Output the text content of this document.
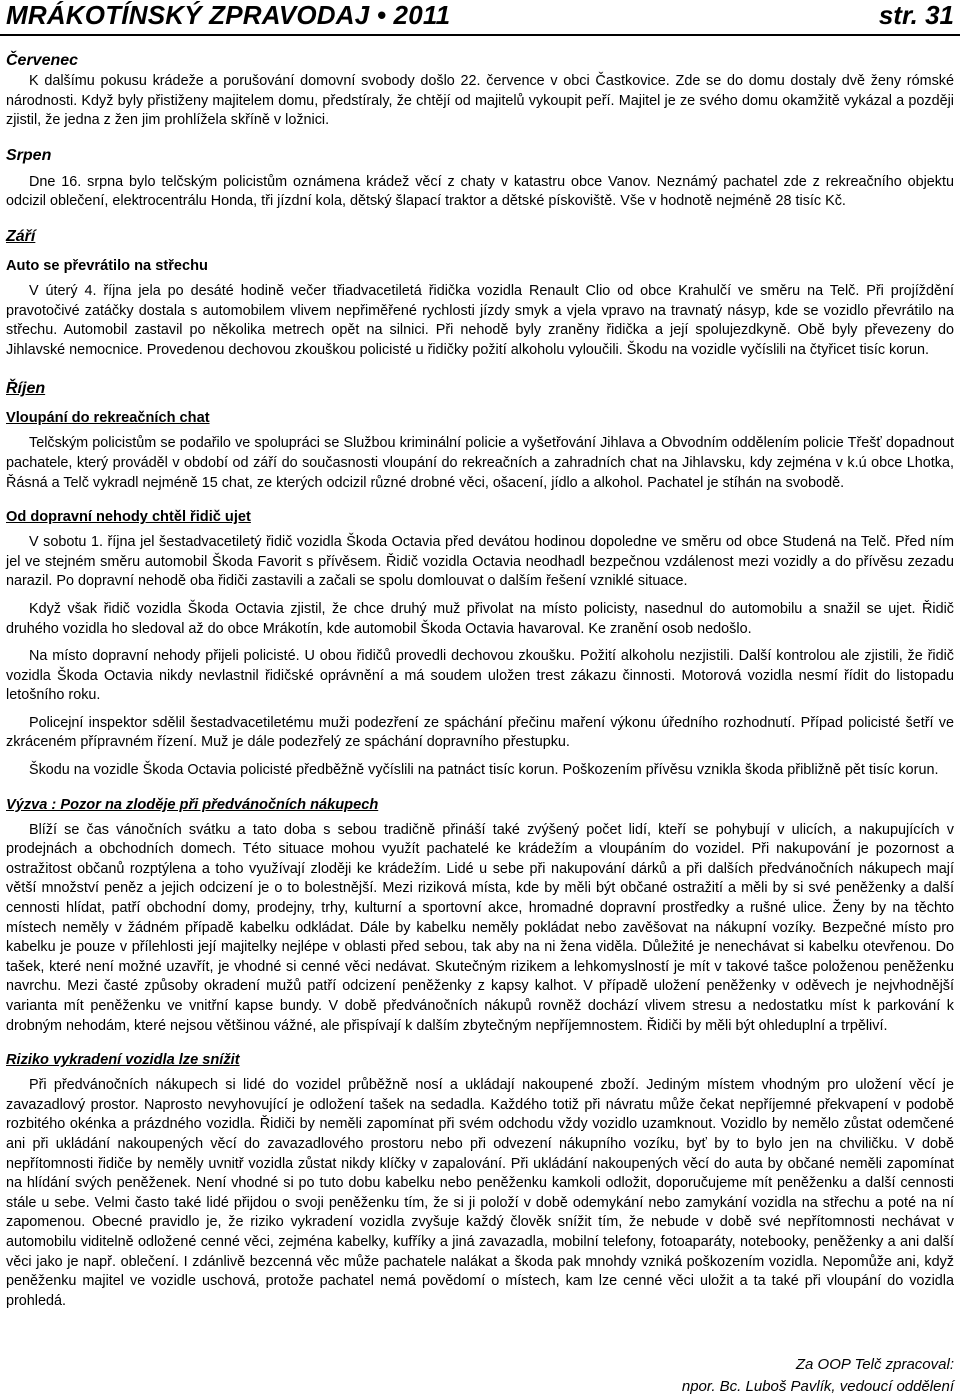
MRÁKOTÍNSKÝ ZPRAVODAJ • 2011	str. 31
Červenec

K dalšímu pokusu krádeže a porušování domovní svobody došlo 22. července v obci Častkovice. Zde se do domu dostaly dvě ženy rómské národnosti. Když byly přistiženy majitelem domu, předstíraly, že chtějí od majitelů vykoupit peří. Majitel je ze svého domu okamžitě vykázal a později zjistil, že jedna z žen jim prohlížela skříně v ložnici.

Srpen

Dne 16. srpna bylo telčským policistům oznámena krádež věcí z chaty v katastru obce Vanov. Neznámý pachatel zde z rekreačního objektu odcizil oblečení, elektrocentrálu Honda, tři jízdní kola, dětský šlapací traktor a dětské pískoviště. Vše v hodnotě nejméně 28 tisíc Kč.

Září
Auto se převrátilo na střechu

V úterý 4. října jela po desáté hodině večer třiadvacetiletá řidička vozidla Renault Clio od obce Krahulčí ve směru na Telč. Při projíždění pravotočivé zatáčky dostala s automobilem vlivem nepřiměřené rychlosti jízdy smyk a vjela vpravo na travnatý násyp, kde se vozidlo převrátilo na střechu. Automobil zastavil po několika metrech opět na silnici. Při nehodě byly zraněny řidička a její spolujezdkyně. Obě byly převezeny do Jihlavské nemocnice. Provedenou dechovou zkouškou policisté u řidičky požití alkoholu vyloučili. Škodu na vozidle vyčíslili na čtyřicet tisíc korun.

Říjen
Vloupání do rekreačních chat

Telčským policistům se podařilo ve spolupráci se Službou kriminální policie a vyšetřování Jihlava a Obvodním oddělením policie Třešť dopadnout pachatele, který prováděl v období od září do současnosti vloupání do rekreačních a zahradních chat na Jihlavsku, kdy zejména v k.ú obce Lhotka, Řásná a Telč vykradl nejméně 15 chat, ze kterých odcizil různé drobné věci, ošacení, jídlo a alkohol. Pachatel je stíhán na svobodě.

Od dopravní nehody chtěl řidič ujet

V sobotu 1. října jel šestadvacetiletý řidič vozidla Škoda Octavia před devátou hodinou dopoledne ve směru od obce Studená na Telč. Před ním jel ve stejném směru automobil Škoda Favorit s přívěsem. Řidič vozidla Octavia neodhadl bezpečnou vzdálenost mezi vozidly a do přívěsu zezadu narazil. Po dopravní nehodě oba řidiči zastavili a začali se spolu domlouvat o dalším řešení vzniklé situace.

Když však řidič vozidla Škoda Octavia zjistil, že chce druhý muž přivolat na místo policisty, nasednul do automobilu a snažil se ujet. Řidič druhého vozidla ho sledoval až do obce Mrákotín, kde automobil Škoda Octavia havaroval. Ke zranění osob nedošlo.

Na místo dopravní nehody přijeli policisté. U obou řidičů provedli dechovou zkoušku. Požití alkoholu nezjistili. Další kontrolou ale zjistili, že řidič vozidla Škoda Octavia nikdy nevlastnil řidičské oprávnění a má soudem uložen trest zákazu činnosti. Motorová vozidla nesmí řídit do listopadu letošního roku.

Policejní inspektor sdělil šestadvacetiletému muži podezření ze spáchání přečinu maření výkonu úředního rozhodnutí. Případ policisté šetří ve zkráceném přípravném řízení. Muž je dále podezřelý ze spáchání dopravního přestupku.

Škodu na vozidle Škoda Octavia policisté předběžně vyčíslili na patnáct tisíc korun. Poškozením přívěsu vznikla škoda přibližně pět tisíc korun.

Výzva : Pozor na zloděje při předvánočních nákupech

Blíží se čas vánočních svátku a tato doba s sebou tradičně přináší také zvýšený počet lidí, kteří se pohybují v ulicích, a nakupujících v prodejnách a obchodních domech. Této situace mohou využít pachatelé ke krádežím a vloupáním do vozidel. Při nakupování je pozornost a ostražitost občanů rozptýlena a toho využívají zloději ke krádežím. Lidé u sebe při nakupování dárků a při dalších předvánočních nákupech mají větší množství peněz a jejich odcizení je o to bolestnější. Mezi riziková místa, kde by měli být občané ostražití a měli by si své peněženky a další cennosti hlídat, patří obchodní domy, prodejny, trhy, kulturní a sportovní akce, hromadné dopravní prostředky a rušné ulice. Ženy by na těchto místech neměly v žádném případě kabelku odkládat. Dále by kabelku neměly pokládat nebo zavěšovat na nákupní vozíky. Bezpečné místo pro kabelku je pouze v přílehlosti její majitelky nejlépe v oblasti před sebou, tak aby na ni žena viděla. Důležité je nenechávat si kabelku otevřenou. Do tašek, které není možné uzavřít, je vhodné si cenné věci nedávat. Skutečným rizikem a lehkomyslností je mít v takové tašce položenou peněženku navrchu. Mezi časté způsoby okradení mužů patří odcizení peněženky z kapsy kalhot. V případě uložení peněženky v oděvech je nejvhodnější varianta mít peněženku ve vnitřní kapse bundy. V době předvánočních nákupů rovněž dochází vlivem stresu a nedostatku míst k parkování k drobným nehodám, které nejsou většinou vážné, ale přispívají k dalším zbytečným nepříjemnostem. Řidiči by měli být ohleduplní a trpěliví.

Riziko vykradení vozidla lze snížit

Při předvánočních nákupech si lidé do vozidel průběžně nosí a ukládají nakoupené zboží. Jediným místem vhodným pro uložení věcí je zavazadlový prostor. Naprosto nevyhovující je odložení tašek na sedadla. Každého totiž při návratu může čekat nepříjemné překvapení v podobě rozbitého okénka a prázdného vozidla. Řidiči by neměli zapomínat při svém odchodu vždy vozidlo uzamknout. Vozidlo by nemělo zůstat odemčené ani při ukládání nakoupených věcí do zavazadlového prostoru nebo při odvezení nákupního vozíku, byť by to bylo jen na chviličku. V době nepřítomnosti řidiče by neměly uvnitř vozidla zůstat nikdy klíčky v zapalování. Při ukládání nakoupených věcí do auta by občané neměli zapomínat na hlídání svých peněženek. Není vhodné si po tuto dobu kabelku nebo peněženku kamkoli odložit, doporučujeme mít peněženku a další cennosti stále u sebe. Velmi často také lidé přijdou o svoji peněženku tím, že si ji položí v době odemykání nebo zamykání vozidla na střechu a poté na ní zapomenou. Obecné pravidlo je, že riziko vykradení vozidla zvyšuje každý člověk snížit tím, že nebude v době své nepřítomnosti nechávat v automobilu viditelně odložené cenné věci, zejména kabelky, kufříky a jiná zavazadla, mobilní telefony, fotoaparáty, notebooky, peněženky a ani další věci jako je např. oblečení. I zdánlivě bezcenná věc může pachatele nalákat a škoda pak mnohdy vzniká poškozením vozidla. Nepomůže ani, když peněženku majitel ve vozidle uschová, protože pachatel nemá povědomí o místech, kam lze cenné věci uložit a ta také při vloupání do vozidla prohledá.

Za OOP Telč zpracoval:
npor. Bc. Luboš Pavlík, vedoucí oddělení
